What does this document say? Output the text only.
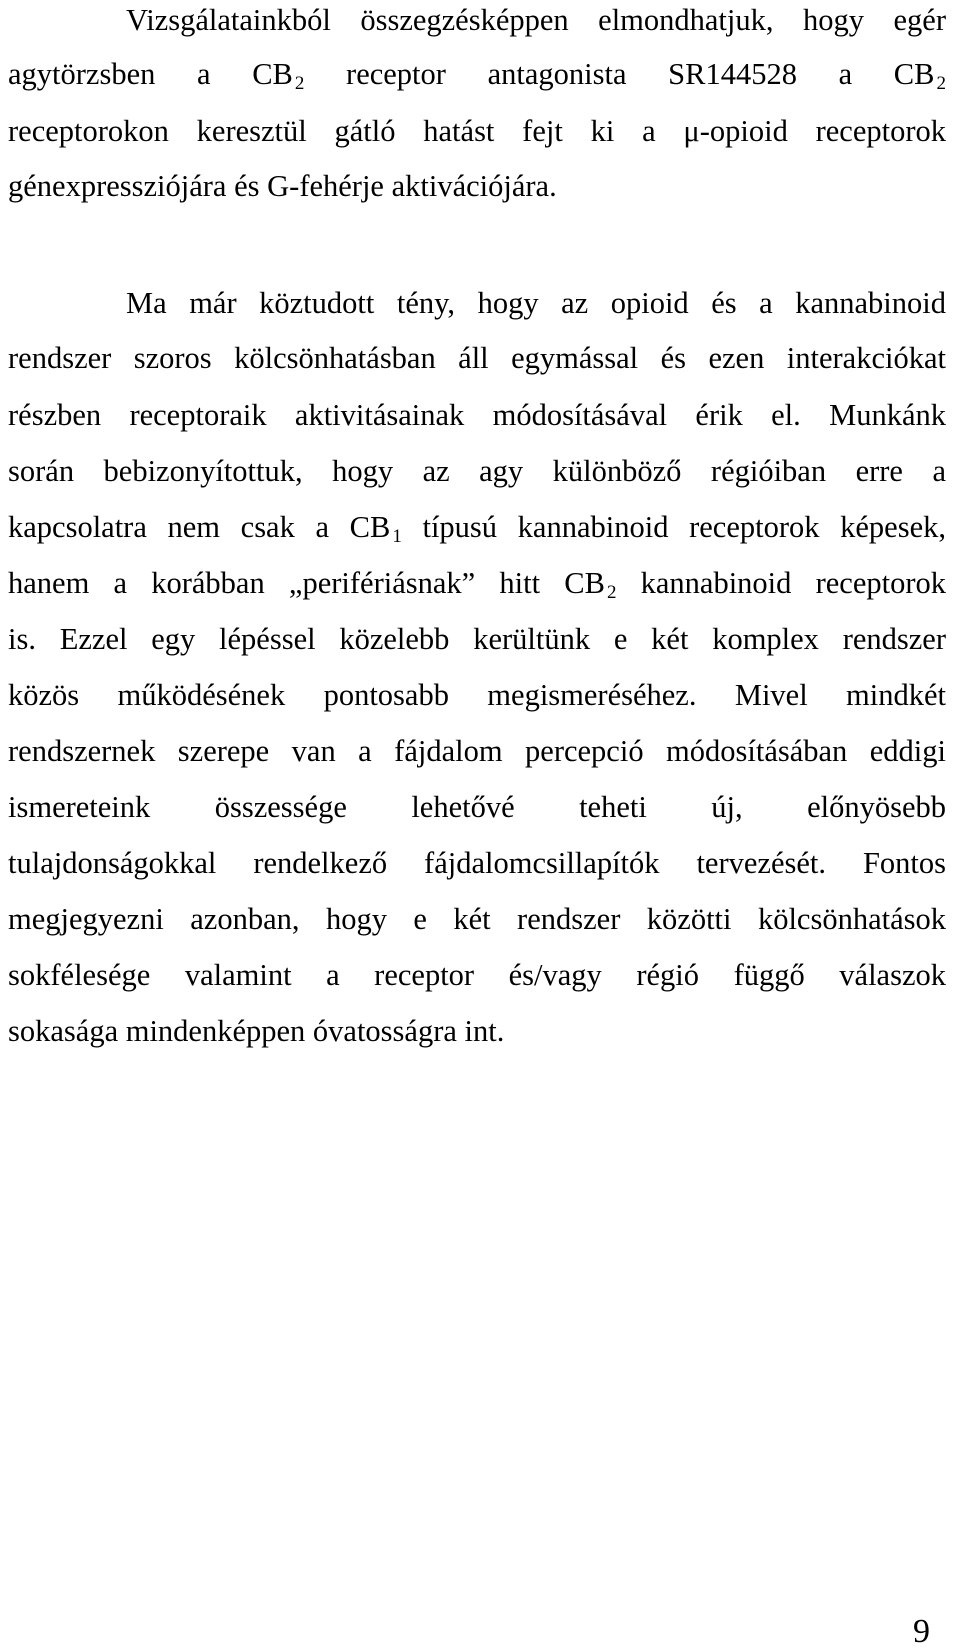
Vizsgálatainkból összegzésképpen elmondhatjuk, hogy egér
agytörzsben a CB $_2$ receptor antagonista SR144528 a CB $_2$
receptorokon keresztül gátló hatást fejt ki a μ-opioid receptorok
génexpressziójára és G-fehérje aktivációjára.
Ma már köztudott tény, hogy az opioid és a kannabinoid
rendszer szoros kölcsönhatásban áll egymással és ezen interakciókat
részben receptoraik aktivitásainak módosításával érik el. Munkánk
során bebizonyítottuk, hogy az agy különböző régióiban erre a
kapcsolatra nem csak a CB $_1$ típusú kannabinoid receptorok képesek,
hanem a korábban „perifériásnak” hitt CB $_2$ kannabinoid receptorok
is. Ezzel egy lépéssel közelebb kerültünk e két komplex rendszer
közös működésének pontosabb megismeréséhez. Mivel mindkét
rendszernek szerepe van a fájdalom percepció módosításában eddigi
ismereteink összessége lehetővé teheti új, előnyösebb
tulajdonságokkal rendelkező fájdalomcsillapítók tervezését. Fontos
megjegyezni azonban, hogy e két rendszer közötti kölcsönhatások
sokfélesége valamint a receptor és/vagy régió függő válaszok
sokasága mindenképpen óvatosságra int.
9
